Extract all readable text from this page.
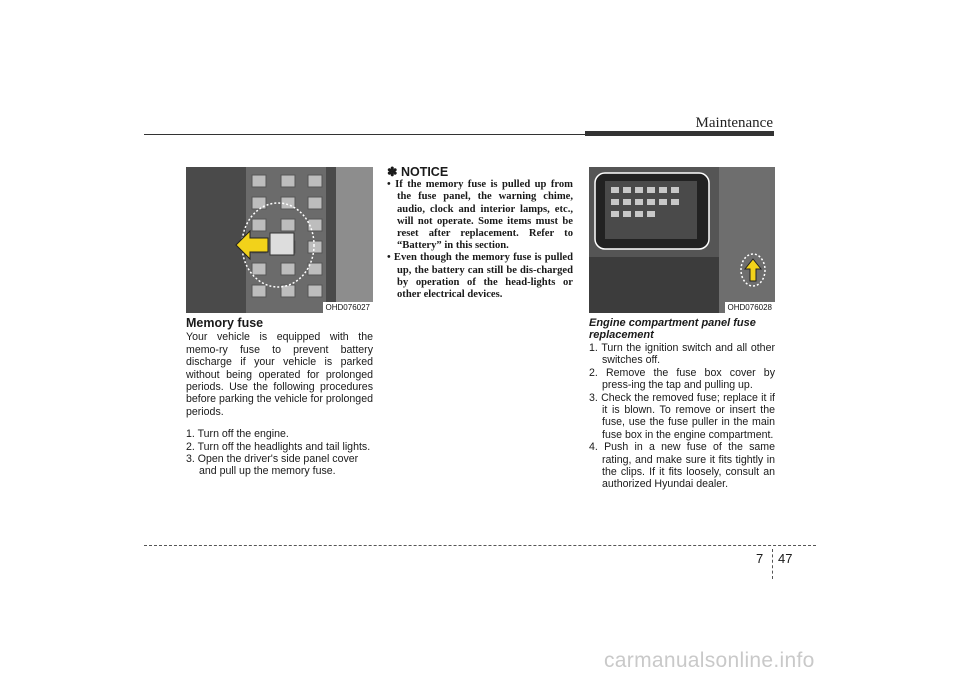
Maintenance
OHD076027	OHD076028
Memory fuse

Your vehicle is equipped with the memo-ry fuse to prevent battery discharge if your vehicle is parked without being operated for prolonged periods. Use the following procedures before parking the vehicle for prolonged periods.

1. Turn off the engine.
2. Turn off the headlights and tail lights.
3. Open the driver's side panel cover and pull up the memory fuse.
✽ NOTICE
• If the memory fuse is pulled up from the fuse panel, the warning chime, audio, clock and interior lamps, etc., will not operate. Some items must be reset after replacement. Refer to “Battery” in this section.
• Even though the memory fuse is pulled up, the battery can still be dis-charged by operation of the head-lights or other electrical devices.
Engine compartment panel fuse replacement
1. Turn the ignition switch and all other switches off.
2. Remove the fuse box cover by press-ing the tap and pulling up.
3. Check the removed fuse; replace it if it is blown. To remove or insert the fuse, use the fuse puller in the main fuse box in the engine compartment.
4. Push in a new fuse of the same rating, and make sure it fits tightly in the clips. If it fits loosely, consult an authorized Hyundai dealer.
7 47
carmanualsonline.info
